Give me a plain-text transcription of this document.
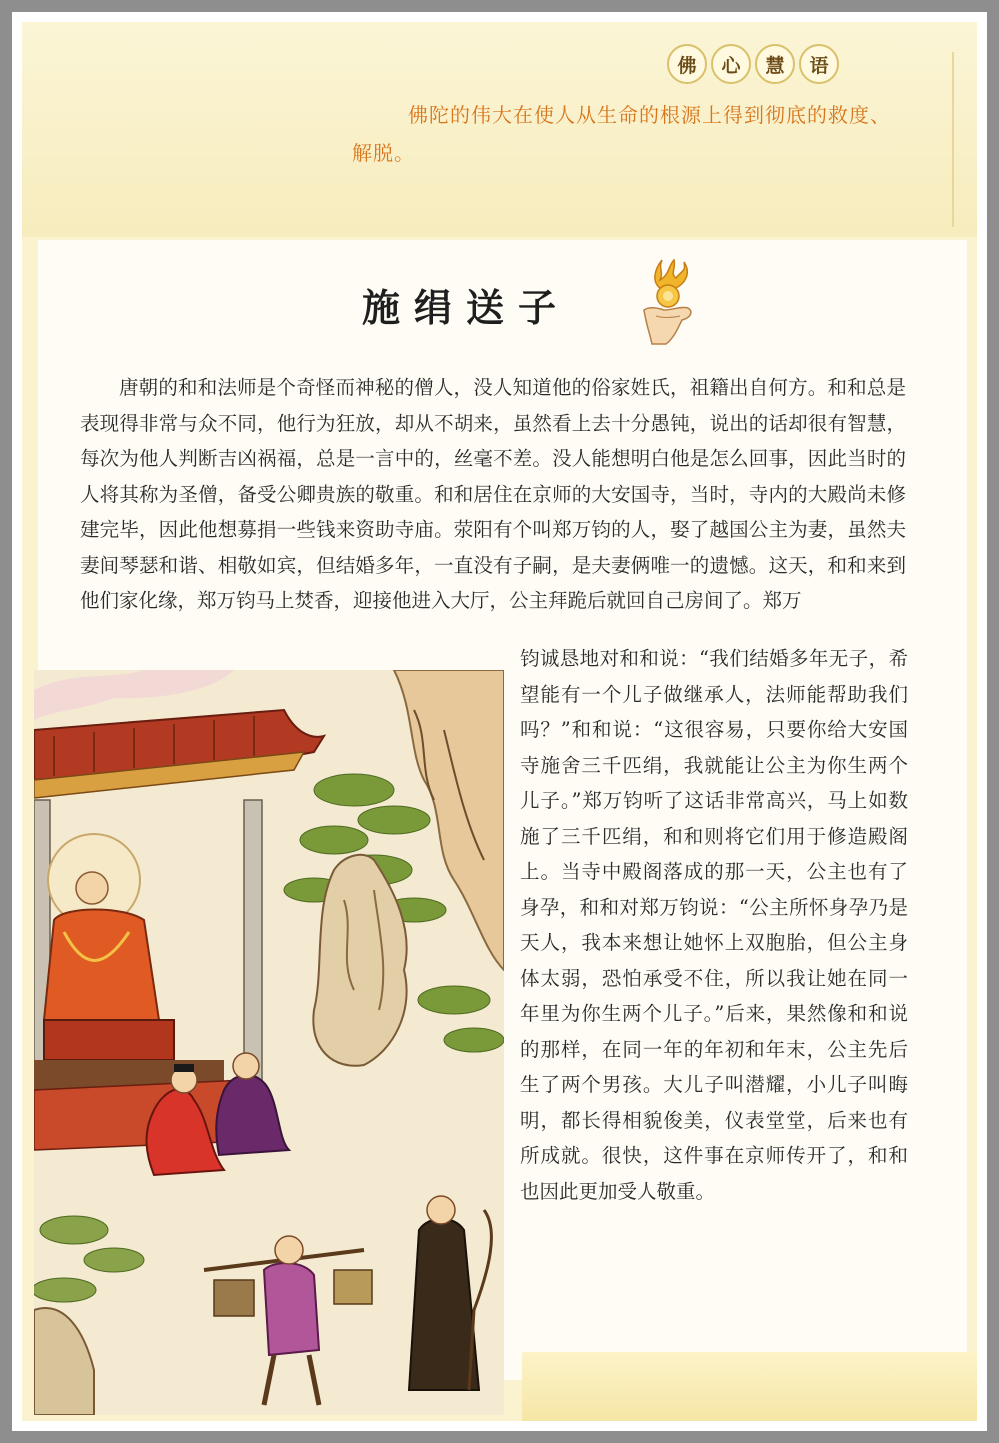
佛	心	慧	语
佛陀的伟大在使人从生命的根源上得到彻底的救度、
解脱。
施绢送子

唐朝的和和法师是个奇怪而神秘的僧人，没人知道他的俗家姓氏，祖籍出自何方。和和总是表现得非常与众不同，他行为狂放，却从不胡来，虽然看上去十分愚钝，说出的话却很有智慧，每次为他人判断吉凶祸福，总是一言中的，丝毫不差。没人能想明白他是怎么回事，因此当时的人将其称为圣僧，备受公卿贵族的敬重。和和居住在京师的大安国寺，当时，寺内的大殿尚未修建完毕，因此他想募捐一些钱来资助寺庙。荥阳有个叫郑万钧的人，娶了越国公主为妻，虽然夫妻间琴瑟和谐、相敬如宾，但结婚多年，一直没有子嗣，是夫妻俩唯一的遗憾。这天，和和来到他们家化缘，郑万钧马上焚香，迎接他进入大厅，公主拜跪后就回自己房间了。郑万

钧诚恳地对和和说：“我们结婚多年无子，希望能有一个儿子做继承人，法师能帮助我们吗？”和和说：“这很容易，只要你给大安国寺施舍三千匹绢，我就能让公主为你生两个儿子。”郑万钧听了这话非常高兴，马上如数施了三千匹绢，和和则将它们用于修造殿阁上。当寺中殿阁落成的那一天，公主也有了身孕，和和对郑万钧说：“公主所怀身孕乃是天人，我本来想让她怀上双胞胎，但公主身体太弱，恐怕承受不住，所以我让她在同一年里为你生两个儿子。”后来，果然像和和说的那样，在同一年的年初和年末，公主先后生了两个男孩。大儿子叫潜耀，小儿子叫晦明，都长得相貌俊美，仪表堂堂，后来也有所成就。很快，这件事在京师传开了，和和也因此更加受人敬重。
